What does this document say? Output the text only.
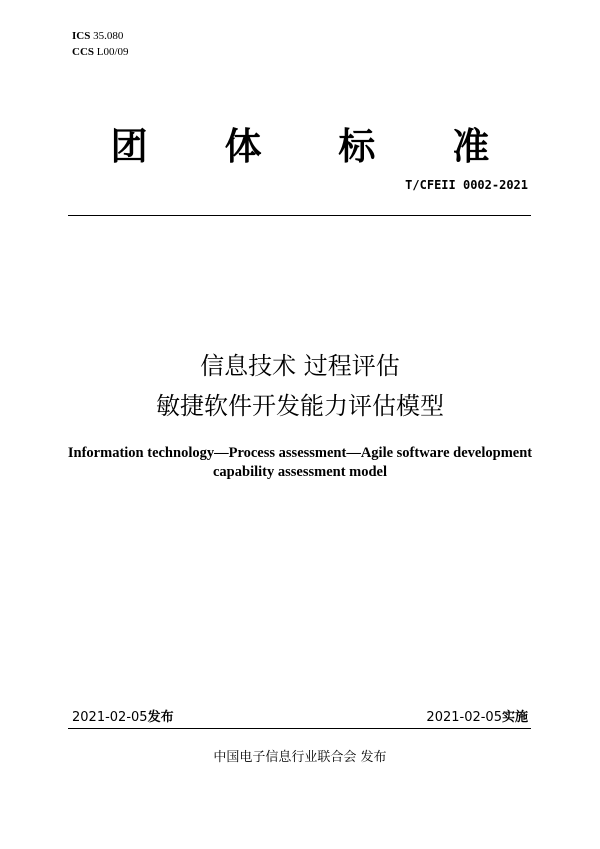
ICS 35.080
CCS L00/09
团 体 标 准
T/CFEII 0002-2021
信息技术 过程评估
敏捷软件开发能力评估模型
Information technology—Process assessment—Agile software development
capability assessment model
2021-02-05发布	2021-02-05实施
中国电子信息行业联合会 发布
